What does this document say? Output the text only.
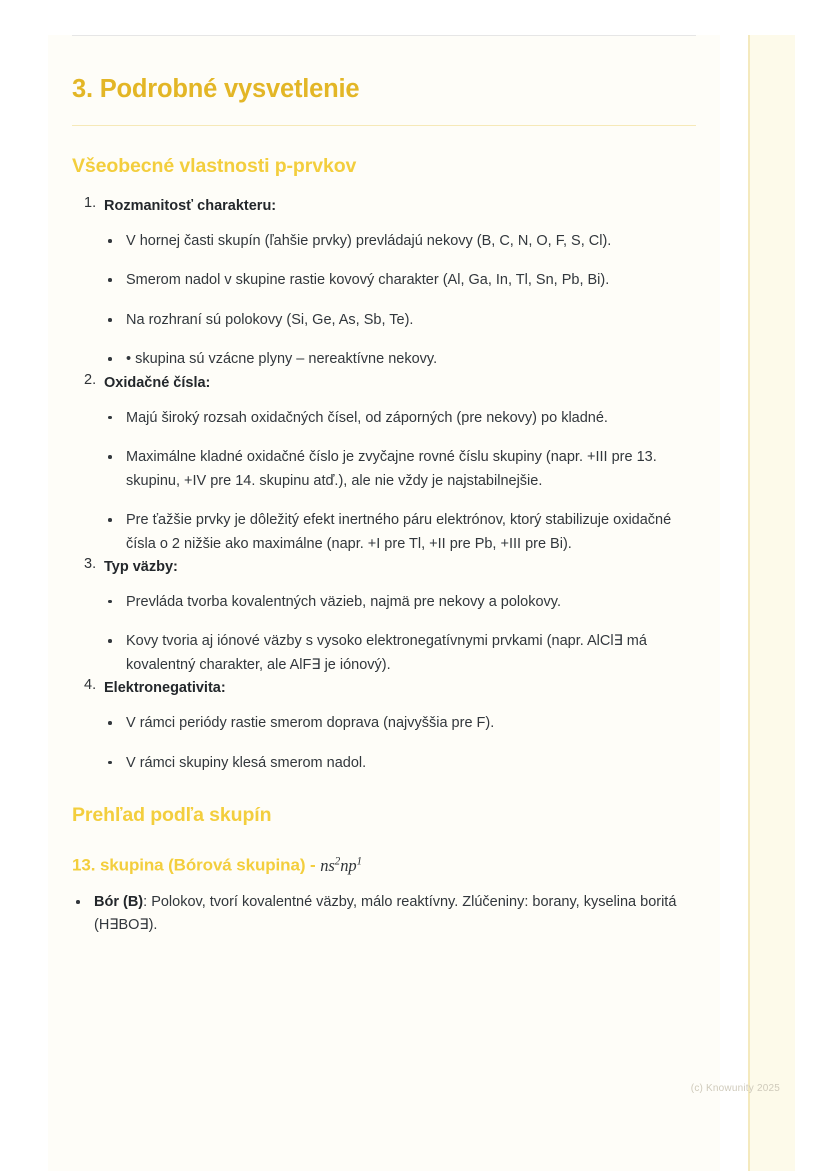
3. Podrobné vysvetlenie
Všeobecné vlastnosti p-prvkov

Rozmanitosť charakteru:

V hornej časti skupín (ľahšie prvky) prevládajú nekovy (B, C, N, O, F, S, Cl).
Smerom nadol v skupine rastie kovový charakter (Al, Ga, In, Tl, Sn, Pb, Bi).
Na rozhraní sú polokovy (Si, Ge, As, Sb, Te).
• skupina sú vzácne plyny – nereaktívne nekovy.

Oxidačné čísla:

Majú široký rozsah oxidačných čísel, od záporných (pre nekovy) po kladné.
Maximálne kladné oxidačné číslo je zvyčajne rovné číslu skupiny (napr. +III pre 13. skupinu, +IV pre 14. skupinu atď.), ale nie vždy je najstabilnejšie.
Pre ťažšie prvky je dôležitý efekt inertného páru elektrónov, ktorý stabilizuje oxidačné čísla o 2 nižšie ako maximálne (napr. +I pre Tl, +II pre Pb, +III pre Bi).

Typ väzby:

Prevláda tvorba kovalentných väzieb, najmä pre nekovy a polokovy.
Kovy tvoria aj iónové väzby s vysoko elektronegatívnymi prvkami (napr. AlCl∃ má kovalentný charakter, ale AlF∃ je iónový).

Elektronegativita:

V rámci periódy rastie smerom doprava (najvyššia pre F).
V rámci skupiny klesá smerom nadol.
Prehľad podľa skupín
13. skupina (Bórová skupina) - $ns^2np^1$
Bór (B): Polokov, tvorí kovalentné väzby, málo reaktívny. Zlúčeniny: borany, kyselina boritá (H∃BO∃).
(c) Knowunity 2025
